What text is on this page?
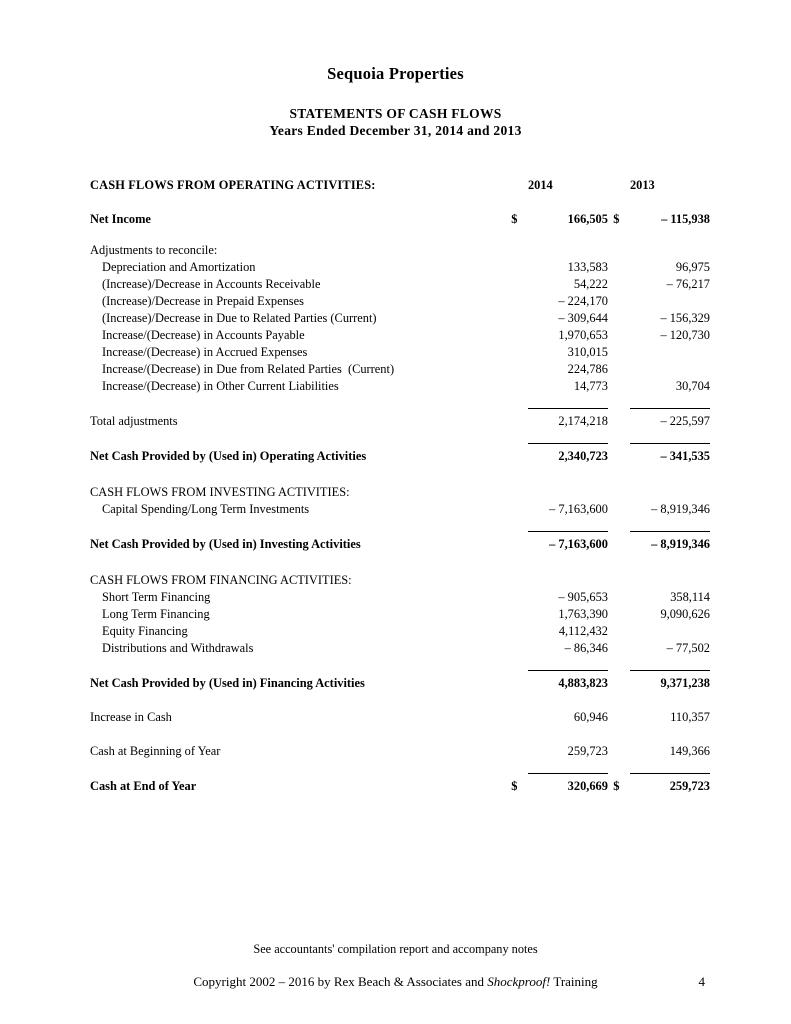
Sequoia Properties
STATEMENTS OF CASH FLOWS
Years Ended December 31, 2014 and 2013
CASH FLOWS FROM OPERATING ACTIVITIES:			2014			2013

Net Income		$	166,505		$	– 115,938

Adjustments to reconcile:						
Depreciation and Amortization			133,583			96,975
(Increase)/Decrease in Accounts Receivable			54,222			– 76,217
(Increase)/Decrease in Prepaid Expenses			– 224,170			
(Increase)/Decrease in Due to Related Parties (Current)			– 309,644			– 156,329
Increase/(Decrease) in Accounts Payable			1,970,653			– 120,730
Increase/(Decrease) in Accrued Expenses			310,015			
Increase/(Decrease) in Due from Related Parties  (Current)			224,786			
Increase/(Decrease) in Other Current Liabilities			14,773			30,704

Total adjustments			2,174,218			– 225,597

Net Cash Provided by (Used in) Operating Activities			2,340,723			– 341,535

CASH FLOWS FROM INVESTING ACTIVITIES:						
Capital Spending/Long Term Investments			– 7,163,600			– 8,919,346

Net Cash Provided by (Used in) Investing Activities			– 7,163,600			– 8,919,346

CASH FLOWS FROM FINANCING ACTIVITIES:						
Short Term Financing			– 905,653			358,114
Long Term Financing			1,763,390			9,090,626
Equity Financing			4,112,432			
Distributions and Withdrawals			– 86,346			– 77,502

Net Cash Provided by (Used in) Financing Activities			4,883,823			9,371,238

Increase in Cash			60,946			110,357

Cash at Beginning of Year			259,723			149,366

Cash at End of Year		$	320,669		$	259,723
See accountants' compilation report and accompany notes
Copyright 2002 – 2016 by Rex Beach & Associates and Shockproof! Training	4
